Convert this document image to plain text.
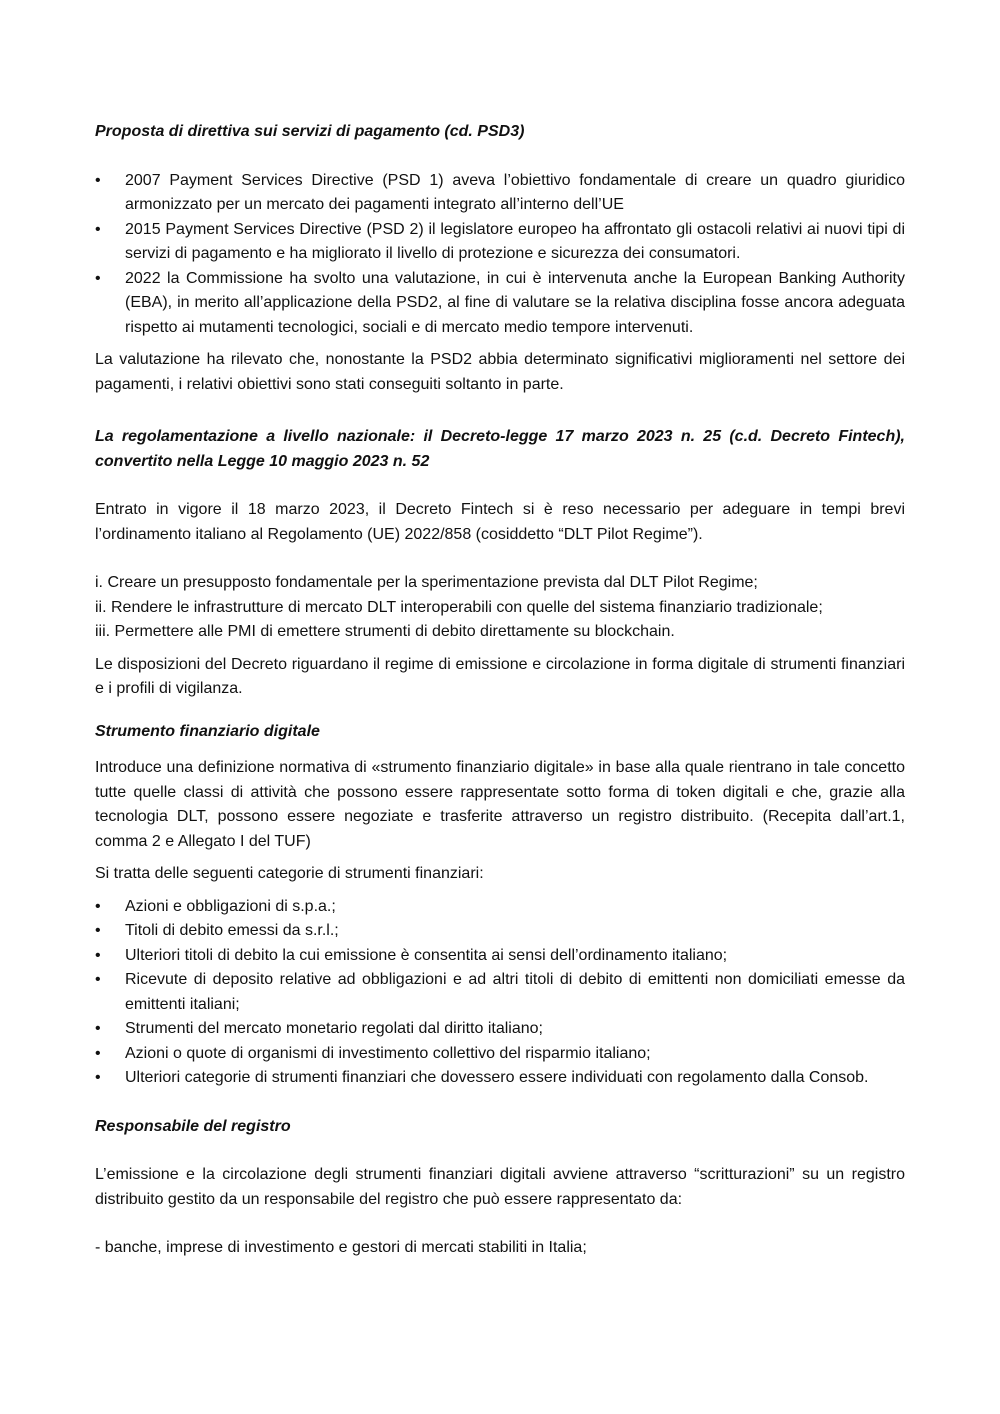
Proposta di direttiva sui servizi di pagamento (cd. PSD3)

• 2007 Payment Services Directive (PSD 1) aveva l’obiettivo fondamentale di creare un quadro giuridico armonizzato per un mercato dei pagamenti integrato all’interno dell’UE
• 2015 Payment Services Directive (PSD 2) il legislatore europeo ha affrontato gli ostacoli relativi ai nuovi tipi di servizi di pagamento e ha migliorato il livello di protezione e sicurezza dei consumatori.
• 2022 la Commissione ha svolto una valutazione, in cui è intervenuta anche la European Banking Authority (EBA), in merito all’applicazione della PSD2, al fine di valutare se la relativa disciplina fosse ancora adeguata rispetto ai mutamenti tecnologici, sociali e di mercato medio tempore intervenuti.

La valutazione ha rilevato che, nonostante la PSD2 abbia determinato significativi miglioramenti nel settore dei pagamenti, i relativi obiettivi sono stati conseguiti soltanto in parte.

La regolamentazione a livello nazionale: il Decreto-legge 17 marzo 2023 n. 25 (c.d. Decreto Fintech), convertito nella Legge 10 maggio 2023 n. 52

Entrato in vigore il 18 marzo 2023, il Decreto Fintech si è reso necessario per adeguare in tempi brevi l’ordinamento italiano al Regolamento (UE) 2022/858 (cosiddetto “DLT Pilot Regime”).

i. Creare un presupposto fondamentale per la sperimentazione prevista dal DLT Pilot Regime;

ii. Rendere le infrastrutture di mercato DLT interoperabili con quelle del sistema finanziario tradizionale;

iii. Permettere alle PMI di emettere strumenti di debito direttamente su blockchain.

Le disposizioni del Decreto riguardano il regime di emissione e circolazione in forma digitale di strumenti finanziari e i profili di vigilanza.

Strumento finanziario digitale

Introduce una definizione normativa di «strumento finanziario digitale» in base alla quale rientrano in tale concetto tutte quelle classi di attività che possono essere rappresentate sotto forma di token digitali e che, grazie alla tecnologia DLT, possono essere negoziate e trasferite attraverso un registro distribuito. (Recepita dall’art.1, comma 2 e Allegato I del TUF)

Si tratta delle seguenti categorie di strumenti finanziari:

• Azioni e obbligazioni di s.p.a.;
• Titoli di debito emessi da s.r.l.;
• Ulteriori titoli di debito la cui emissione è consentita ai sensi dell’ordinamento italiano;
• Ricevute di deposito relative ad obbligazioni e ad altri titoli di debito di emittenti non domiciliati emesse da emittenti italiani;
• Strumenti del mercato monetario regolati dal diritto italiano;
• Azioni o quote di organismi di investimento collettivo del risparmio italiano;
• Ulteriori categorie di strumenti finanziari che dovessero essere individuati con regolamento dalla Consob.

Responsabile del registro

L’emissione e la circolazione degli strumenti finanziari digitali avviene attraverso “scritturazioni” su un registro distribuito gestito da un responsabile del registro che può essere rappresentato da:

- banche, imprese di investimento e gestori di mercati stabiliti in Italia;
